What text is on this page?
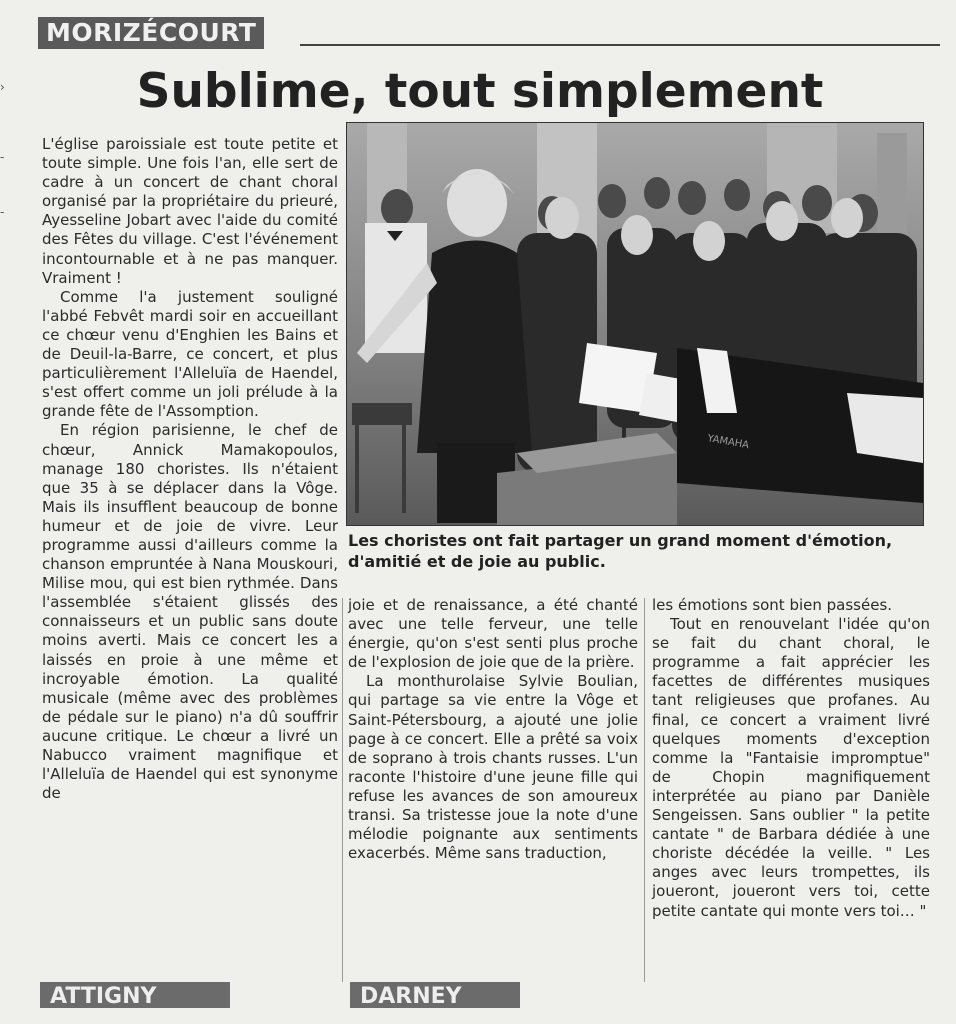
MORIZÉCOURT
Sublime, tout simplement
›
-
-

L'église paroissiale est toute petite et toute simple. Une fois l'an, elle sert de cadre à un concert de chant choral organisé par la propriétaire du prieuré, Ayesseline Jobart avec l'aide du comité des Fêtes du village. C'est l'événement incontournable et à ne pas manquer. Vraiment !

Comme l'a justement souligné l'abbé Febvêt mardi soir en accueillant ce chœur venu d'Enghien les Bains et de Deuil-la-Barre, ce concert, et plus particulièrement l'Alleluïa de Haendel, s'est offert comme un joli prélude à la grande fête de l'Assomption.

En région parisienne, le chef de chœur, Annick Mamakopoulos, manage 180 choristes. Ils n'étaient que 35 à se déplacer dans la Vôge. Mais ils insufflent beaucoup de bonne humeur et de joie de vivre. Leur programme aussi d'ailleurs comme la chanson empruntée à Nana Mouskouri, Milise mou, qui est bien rythmée. Dans l'assemblée s'étaient glissés des connaisseurs et un public sans doute moins averti. Mais ce concert les a laissés en proie à une même et incroyable émotion. La qualité musicale (même avec des problèmes de pédale sur le piano) n'a dû souffrir aucune critique. Le chœur a livré un Nabucco vraiment magnifique et l'Alleluïa de Haendel qui est synonyme de

YAMAHA
Les choristes ont fait partager un grand moment d'émotion, d'amitié et de joie au public.

joie et de renaissance, a été chanté avec une telle ferveur, une telle énergie, qu'on s'est senti plus proche de l'explosion de joie que de la prière.

La monthurolaise Sylvie Boulian, qui partage sa vie entre la Vôge et Saint-Pétersbourg, a ajouté une jolie page à ce concert. Elle a prêté sa voix de soprano à trois chants russes. L'un raconte l'histoire d'une jeune fille qui refuse les avances de son amoureux transi. Sa tristesse joue la note d'une mélodie poignante aux sentiments exacerbés. Même sans traduction,

les émotions sont bien passées.

Tout en renouvelant l'idée qu'on se fait du chant choral, le programme a fait apprécier les facettes de différentes musiques tant religieuses que profanes. Au final, ce concert a vraiment livré quelques moments d'exception comme la "Fantaisie impromptue" de Chopin magnifiquement interprétée au piano par Danièle Sengeissen. Sans oublier " la petite cantate " de Barbara dédiée à une choriste décédée la veille. " Les anges avec leurs trompettes, ils joueront, joueront vers toi, cette petite cantate qui monte vers toi… "

ATTIGNY	DARNEY
